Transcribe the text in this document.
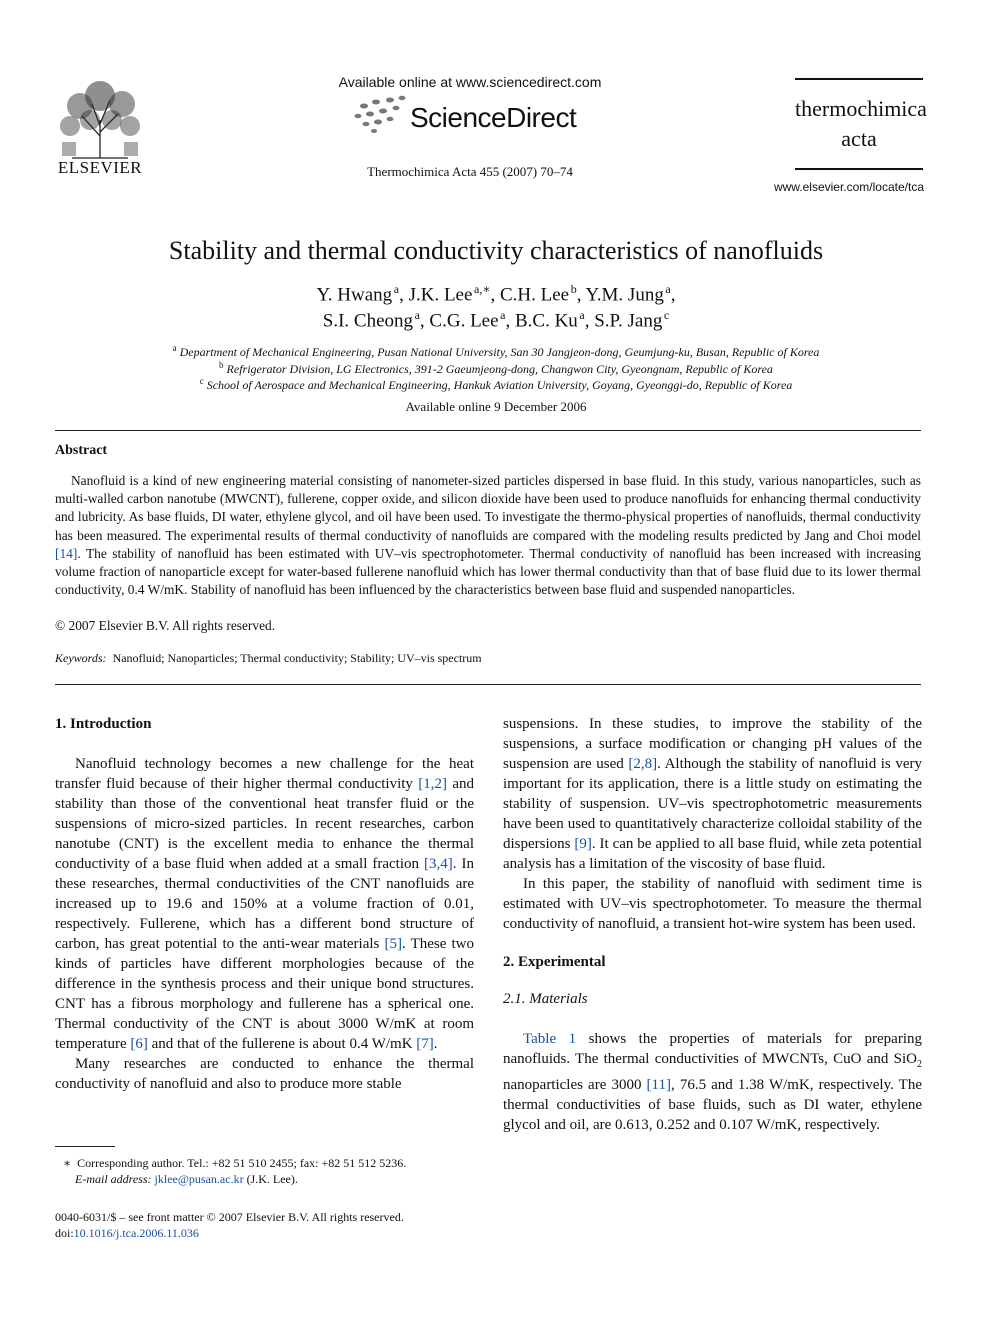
ELSEVIER
Available online at www.sciencedirect.com
ScienceDirect
Thermochimica Acta 455 (2007) 70–74
thermochimica
acta
www.elsevier.com/locate/tca
Stability and thermal conductivity characteristics of nanofluids
Y. Hwang  $^a$, J.K. Lee  $^{a,∗}$, C.H. Lee  $^b$, Y.M. Jung  $^a$,
S.I. Cheong  $^a$, C.G. Lee  $^a$, B.C. Ku  $^a$, S.P. Jang  $^c$
$^a$ Department of Mechanical Engineering, Pusan National University, San 30 Jangjeon-dong, Geumjung-ku, Busan, Republic of Korea
$^b$ Refrigerator Division, LG Electronics, 391-2 Gaeumjeong-dong, Changwon City, Gyeongnam, Republic of Korea
$^c$ School of Aerospace and Mechanical Engineering, Hankuk Aviation University, Goyang, Gyeonggi-do, Republic of Korea
Available online 9 December 2006
Abstract

Nanofluid is a kind of new engineering material consisting of nanometer-sized particles dispersed in base fluid. In this study, various nanoparticles, such as multi-walled carbon nanotube (MWCNT), fullerene, copper oxide, and silicon dioxide have been used to produce nanofluids for enhancing thermal conductivity and lubricity. As base fluids, DI water, ethylene glycol, and oil have been used. To investigate the thermo-physical properties of nanofluids, thermal conductivity has been measured. The experimental results of thermal conductivity of nanofluids are compared with the modeling results predicted by Jang and Choi model [14]. The stability of nanofluid has been estimated with UV–vis spectrophotometer. Thermal conductivity of nanofluid has been increased with increasing volume fraction of nanoparticle except for water-based fullerene nanofluid which has lower thermal conductivity than that of base fluid due to its lower thermal conductivity, 0.4 W/mK. Stability of nanofluid has been influenced by the characteristics between base fluid and suspended nanoparticles.

© 2007 Elsevier B.V. All rights reserved.
Keywords: Nanofluid; Nanoparticles; Thermal conductivity; Stability; UV–vis spectrum

1. Introduction

Nanofluid technology becomes a new challenge for the heat transfer fluid because of their higher thermal conductivity [1,2] and stability than those of the conventional heat transfer fluid or the suspensions of micro-sized particles. In recent researches, carbon nanotube (CNT) is the excellent media to enhance the thermal conductivity of a base fluid when added at a small fraction [3,4]. In these researches, thermal conductivities of the CNT nanofluids are increased up to 19.6 and 150% at a volume fraction of 0.01, respectively. Fullerene, which has a different bond structure of carbon, has great potential to the anti-wear materials [5]. These two kinds of particles have different morphologies because of the difference in the synthesis process and their unique bond structures. CNT has a fibrous morphology and fullerene has a spherical one. Thermal conductivity of the CNT is about 3000 W/mK at room temperature [6] and that of the fullerene is about 0.4 W/mK [7].

Many researches are conducted to enhance the thermal conductivity of nanofluid and also to produce more stable

suspensions. In these studies, to improve the stability of the suspensions, a surface modification or changing pH values of the suspension are used [2,8]. Although the stability of nanofluid is very important for its application, there is a little study on estimating the stability of suspension. UV–vis spectrophotometric measurements have been used to quantitatively characterize colloidal stability of the dispersions [9]. It can be applied to all base fluid, while zeta potential analysis has a limitation of the viscosity of base fluid.

In this paper, the stability of nanofluid with sediment time is estimated with UV–vis spectrophotometer. To measure the thermal conductivity of nanofluid, a transient hot-wire system has been used.

2. Experimental

2.1. Materials

Table 1 shows the properties of materials for preparing nanofluids. The thermal conductivities of MWCNTs, CuO and SiO$_2$ nanoparticles are 3000 [11], 76.5 and 1.38 W/mK, respectively. The thermal conductivities of base fluids, such as DI water, ethylene glycol and oil, are 0.613, 0.252 and 0.107 W/mK, respectively.

∗ Corresponding author. Tel.: +82 51 510 2455; fax: +82 51 512 5236.
E-mail address: jklee@pusan.ac.kr (J.K. Lee).
0040-6031/$ – see front matter © 2007 Elsevier B.V. All rights reserved.
doi:10.1016/j.tca.2006.11.036
